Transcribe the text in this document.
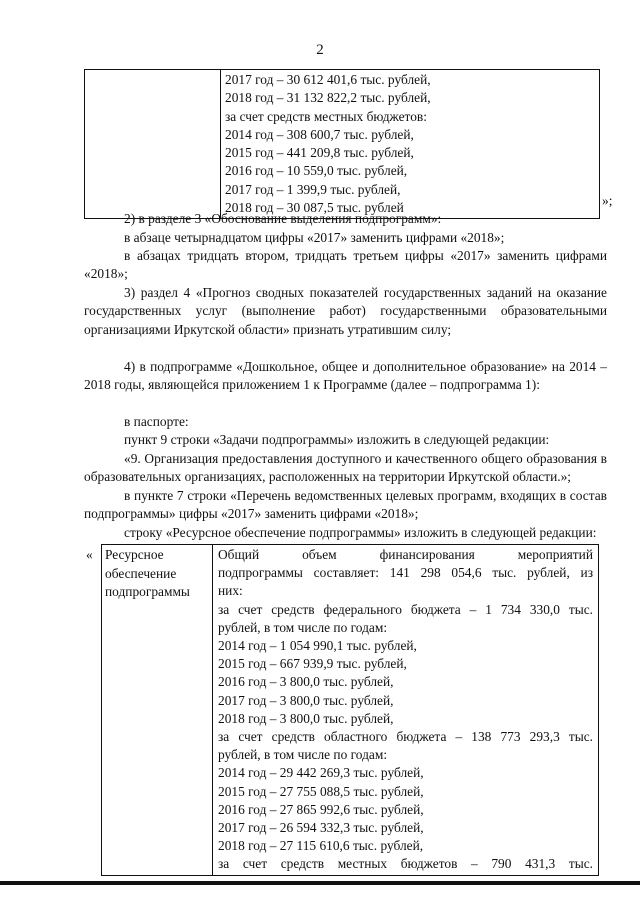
2

2017 год – 30 612 401,6 тыс. рублей,
2018 год – 31 132 822,2 тыс. рублей,
за счет средств местных бюджетов:
2014 год – 308 600,7 тыс. рублей,
2015 год – 441 209,8 тыс. рублей,
2016 год – 10 559,0 тыс. рублей,
2017 год – 1 399,9 тыс. рублей,
2018 год – 30 087,5 тыс. рублей	»;
2) в разделе 3 «Обоснование выделения подпрограмм»:
в абзаце четырнадцатом цифры «2017» заменить цифрами «2018»;
в абзацах тридцать втором, тридцать третьем цифры «2017» заменить цифрами «2018»;
3) раздел 4 «Прогноз сводных показателей государственных заданий на оказание государственных услуг (выполнение работ) государственными образовательными организациями Иркутской области» признать утратившим силу;
4) в подпрограмме «Дошкольное, общее и дополнительное образование» на 2014 – 2018 годы, являющейся приложением 1 к Программе (далее – подпрограмма 1):
в паспорте:
пункт 9 строки «Задачи подпрограммы» изложить в следующей редакции:
«9. Организация предоставления доступного и качественного общего образования в образовательных организациях, расположенных на территории Иркутской области.»;
в пункте 7 строки «Перечень ведомственных целевых программ, входящих в состав подпрограммы» цифры «2017» заменить цифрами «2018»;
строку «Ресурсное обеспечение подпрограммы» изложить в следующей редакции:
« Ресурсное
обеспечение
подпрограммы

Общий объем финансирования мероприятий
подпрограммы составляет: 141 298 054,6 тыс. рублей, из
них:
за счет средств федерального бюджета – 1 734 330,0 тыс.
рублей, в том числе по годам:
2014 год – 1 054 990,1 тыс. рублей,
2015 год – 667 939,9 тыс. рублей,
2016 год – 3 800,0 тыс. рублей,
2017 год – 3 800,0 тыс. рублей,
2018 год – 3 800,0 тыс. рублей,
за счет средств областного бюджета – 138 773 293,3 тыс.
рублей, в том числе по годам:
2014 год – 29 442 269,3 тыс. рублей,
2015 год – 27 755 088,5 тыс. рублей,
2016 год – 27 865 992,6 тыс. рублей,
2017 год – 26 594 332,3 тыс. рублей,
2018 год – 27 115 610,6 тыс. рублей,
за счет средств местных бюджетов – 790 431,3 тыс.
